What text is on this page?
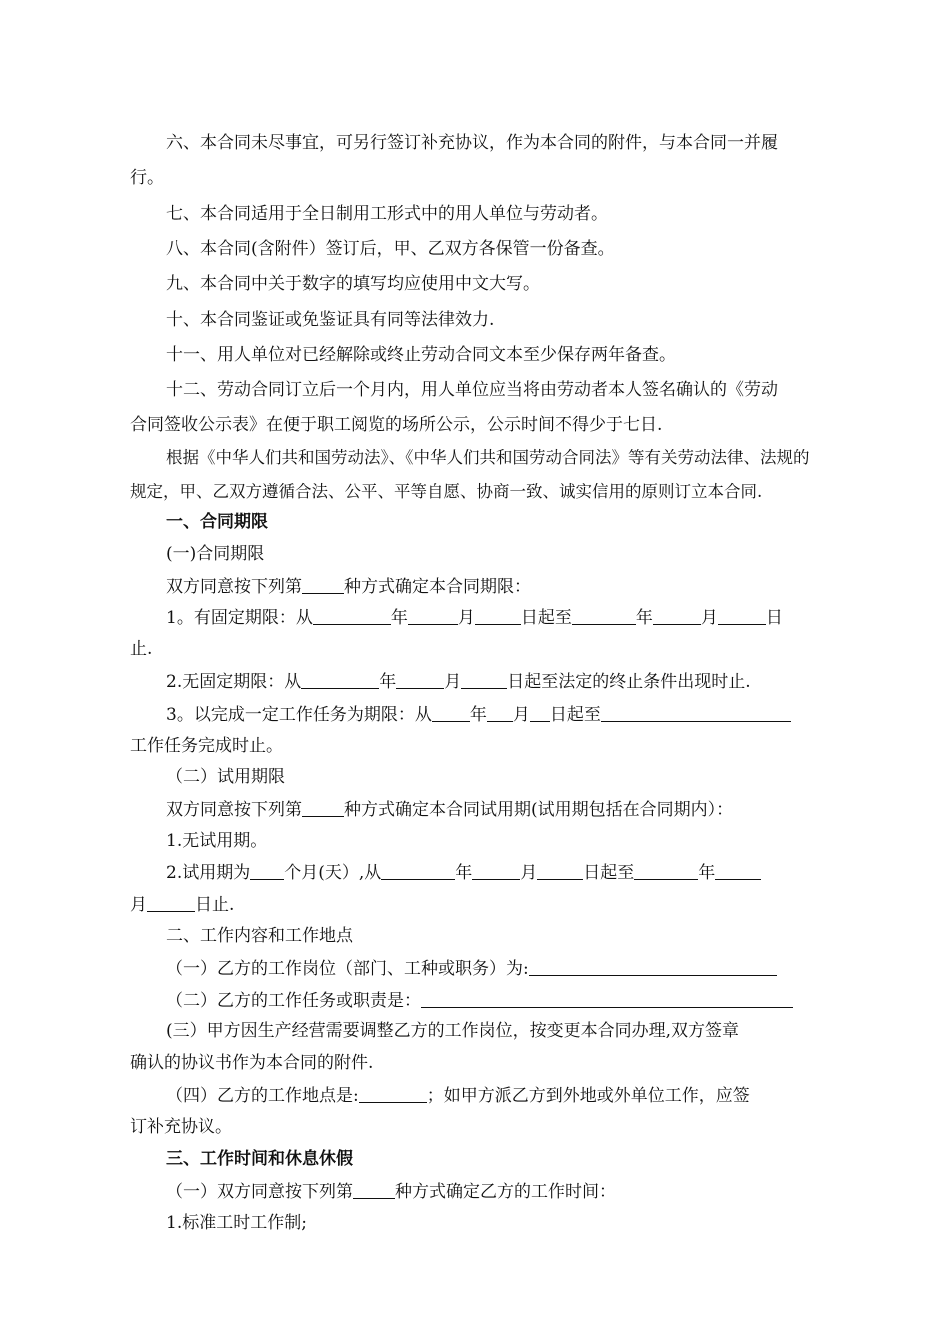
六、本合同未尽事宜，可另行签订补充协议，作为本合同的附件，与本合同一并履
行。
七、本合同适用于全日制用工形式中的用人单位与劳动者。
八、本合同(含附件）签订后，甲、乙双方各保管一份备查。
九、本合同中关于数字的填写均应使用中文大写。
十、本合同鉴证或免鉴证具有同等法律效力.
十一、用人单位对已经解除或终止劳动合同文本至少保存两年备查。
十二、劳动合同订立后一个月内，用人单位应当将由劳动者本人签名确认的《劳动
合同签收公示表》在便于职工阅览的场所公示，公示时间不得少于七日.
根据《中华人们共和国劳动法》、《中华人们共和国劳动合同法》等有关劳动法律、法规的
规定，甲、乙双方遵循合法、公平、平等自愿、协商一致、诚实信用的原则订立本合同.
一、合同期限
(一)合同期限
双方同意按下列第 种方式确定本合同期限：
1。有固定期限：从	年	月	日起至	年	月	日
止.
2.无固定期限：从	年	月	日起至法定的终止条件出现时止.
3。以完成一定工作任务为期限：从 年 月 日起至
工作任务完成时止。
（二）试用期限
双方同意按下列第 种方式确定本合同试用期(试用期包括在合同期内）：
1.无试用期。
2.试用期为 个月(天）,从	年	月	日起至	年
月	日止.
二、工作内容和工作地点
（一）乙方的工作岗位（部门、工种或职务）为:
（二）乙方的工作任务或职责是：
(三）甲方因生产经营需要调整乙方的工作岗位，按变更本合同办理,双方签章
确认的协议书作为本合同的附件.
（四）乙方的工作地点是:	；如甲方派乙方到外地或外单位工作，应签
订补充协议。
三、工作时间和休息休假
（一）双方同意按下列第 种方式确定乙方的工作时间：
1.标准工时工作制;
